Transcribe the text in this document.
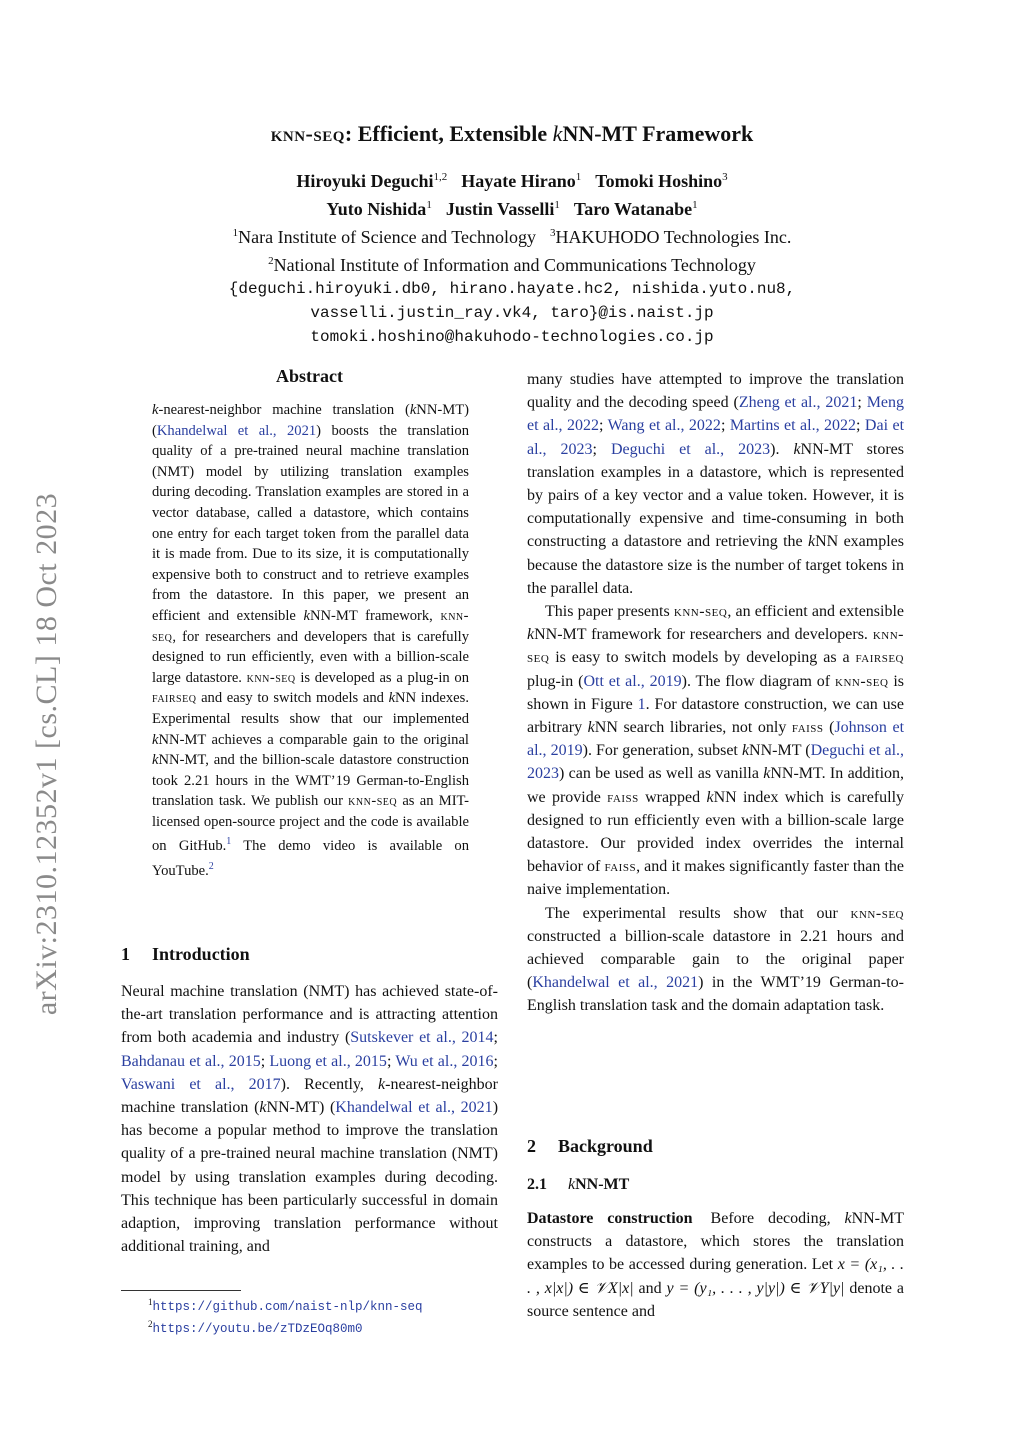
arXiv:2310.12352v1 [cs.CL] 18 Oct 2023
knn-seq: Efficient, Extensible kNN-MT Framework
Hiroyuki Deguchi$^{1,2}$ Hayate Hirano$^1$ Tomoki Hoshino$^3$
Yuto Nishida$^1$ Justin Vasselli$^1$ Taro Watanabe$^1$
$^1$Nara Institute of Science and Technology $^3$HAKUHODO Technologies Inc.
$^2$National Institute of Information and Communications Technology
{deguchi.hiroyuki.db0, hirano.hayate.hc2, nishida.yuto.nu8,
vasselli.justin_ray.vk4, taro}@is.naist.jp
tomoki.hoshino@hakuhodo-technologies.co.jp
Abstract
k-nearest-neighbor machine translation (kNN-MT) (Khandelwal et al., 2021) boosts the translation quality of a pre-trained neural machine translation (NMT) model by utilizing translation examples during decoding. Translation examples are stored in a vector database, called a datastore, which contains one entry for each target token from the parallel data it is made from. Due to its size, it is computationally expensive both to construct and to retrieve examples from the datastore. In this paper, we present an efficient and extensible kNN-MT framework, knn-seq, for researchers and developers that is carefully designed to run efficiently, even with a billion-scale large datastore. knn-seq is developed as a plug-in on fairseq and easy to switch models and kNN indexes. Experimental results show that our implemented kNN-MT achieves a comparable gain to the original kNN-MT, and the billion-scale datastore construction took 2.21 hours in the WMT’19 German-to-English translation task. We publish our knn-seq as an MIT-licensed open-source project and the code is available on GitHub.$^1$ The demo video is available on YouTube.$^2$
1 Introduction

Neural machine translation (NMT) has achieved state-of-the-art translation performance and is attracting attention from both academia and industry (Sutskever et al., 2014; Bahdanau et al., 2015; Luong et al., 2015; Wu et al., 2016; Vaswani et al., 2017). Recently, k-nearest-neighbor machine translation (kNN-MT) (Khandelwal et al., 2021) has become a popular method to improve the translation quality of a pre-trained neural machine translation (NMT) model by using translation examples during decoding. This technique has been particularly successful in domain adaption, improving translation performance without additional training, and

many studies have attempted to improve the translation quality and the decoding speed (Zheng et al., 2021; Meng et al., 2022; Wang et al., 2022; Martins et al., 2022; Dai et al., 2023; Deguchi et al., 2023). kNN-MT stores translation examples in a datastore, which is represented by pairs of a key vector and a value token. However, it is computationally expensive and time-consuming in both constructing a datastore and retrieving the kNN examples because the datastore size is the number of target tokens in the parallel data.

This paper presents knn-seq, an efficient and extensible kNN-MT framework for researchers and developers. knn-seq is easy to switch models by developing as a fairseq plug-in (Ott et al., 2019). The flow diagram of knn-seq is shown in Figure 1. For datastore construction, we can use arbitrary kNN search libraries, not only faiss (Johnson et al., 2019). For generation, subset kNN-MT (Deguchi et al., 2023) can be used as well as vanilla kNN-MT. In addition, we provide faiss wrapped kNN index which is carefully designed to run efficiently even with a billion-scale large datastore. Our provided index overrides the internal behavior of faiss, and it makes significantly faster than the naive implementation.

The experimental results show that our knn-seq constructed a billion-scale datastore in 2.21 hours and achieved comparable gain to the original paper (Khandelwal et al., 2021) in the WMT’19 German-to-English translation task and the domain adaptation task.

2 Background
2.1 kNN-MT

Datastore construction Before decoding, kNN-MT constructs a datastore, which stores the translation examples to be accessed during generation. Let x = (x₁, . . . , x|x|) ∈ 𝒱X|x| and y = (y₁, . . . , y|y|) ∈ 𝒱Y|y| denote a source sentence and

$^1$https://github.com/naist-nlp/knn-seq
$^2$https://youtu.be/zTDzEOq80m0
